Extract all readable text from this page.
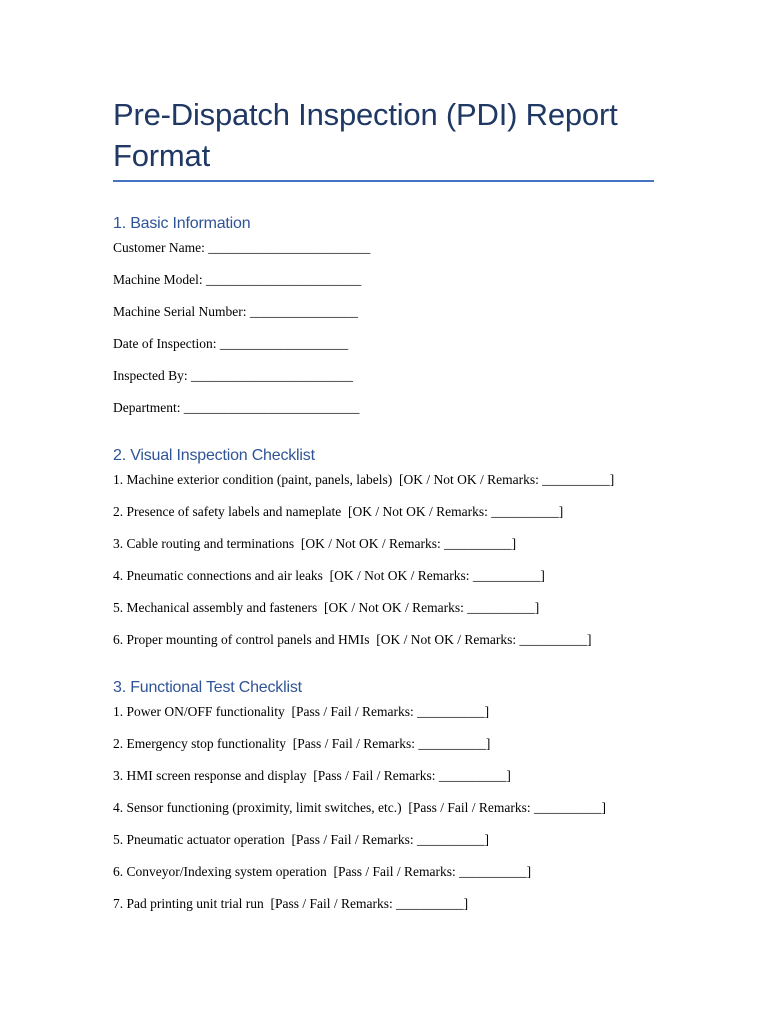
Pre-Dispatch Inspection (PDI) Report
Format
1. Basic Information
Customer Name: ________________________
Machine Model: _______________________
Machine Serial Number: ________________
Date of Inspection: ___________________
Inspected By: ________________________
Department: __________________________
2. Visual Inspection Checklist
1. Machine exterior condition (paint, panels, labels)  [OK / Not OK / Remarks: __________]
2. Presence of safety labels and nameplate  [OK / Not OK / Remarks: __________]
3. Cable routing and terminations  [OK / Not OK / Remarks: __________]
4. Pneumatic connections and air leaks  [OK / Not OK / Remarks: __________]
5. Mechanical assembly and fasteners  [OK / Not OK / Remarks: __________]
6. Proper mounting of control panels and HMIs  [OK / Not OK / Remarks: __________]
3. Functional Test Checklist
1. Power ON/OFF functionality  [Pass / Fail / Remarks: __________]
2. Emergency stop functionality  [Pass / Fail / Remarks: __________]
3. HMI screen response and display  [Pass / Fail / Remarks: __________]
4. Sensor functioning (proximity, limit switches, etc.)  [Pass / Fail / Remarks: __________]
5. Pneumatic actuator operation  [Pass / Fail / Remarks: __________]
6. Conveyor/Indexing system operation  [Pass / Fail / Remarks: __________]
7. Pad printing unit trial run  [Pass / Fail / Remarks: __________]
